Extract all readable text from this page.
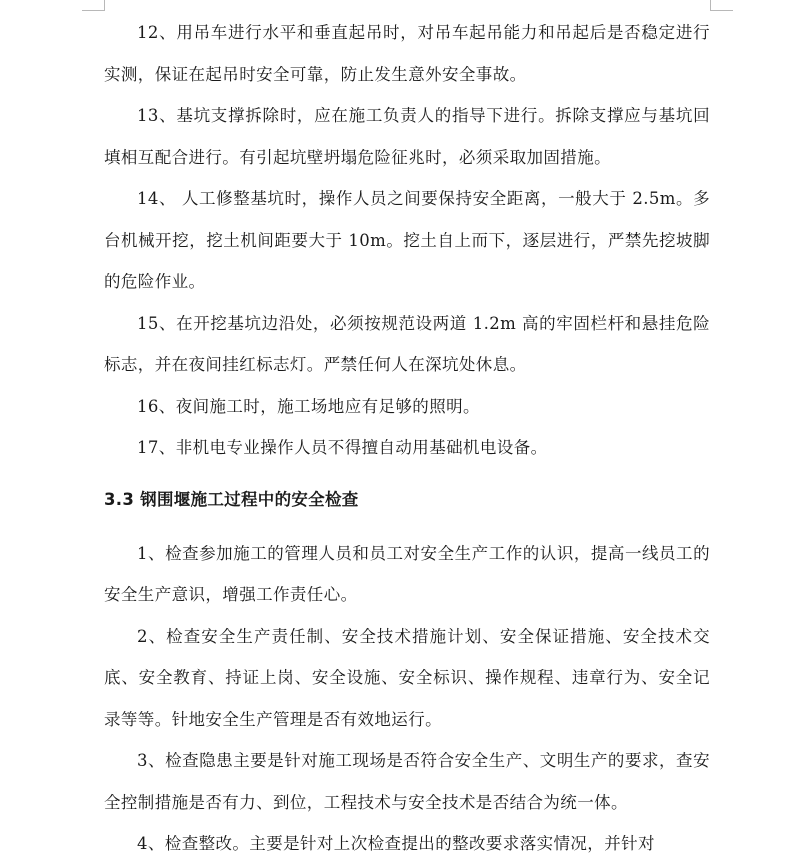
12、用吊车进行水平和垂直起吊时，对吊车起吊能力和吊起后是否稳定进行实测，保证在起吊时安全可靠，防止发生意外安全事故。

13、基坑支撑拆除时，应在施工负责人的指导下进行。拆除支撑应与基坑回填相互配合进行。有引起坑壁坍塌危险征兆时，必须采取加固措施。

14、 人工修整基坑时，操作人员之间要保持安全距离，一般大于 2.5m。多台机械开挖，挖土机间距要大于 10m。挖土自上而下，逐层进行，严禁先挖坡脚的危险作业。

15、在开挖基坑边沿处，必须按规范设两道 1.2m 高的牢固栏杆和悬挂危险标志，并在夜间挂红标志灯。严禁任何人在深坑处休息。

16、夜间施工时，施工场地应有足够的照明。

17、非机电专业操作人员不得擅自动用基础机电设备。

3.3 钢围堰施工过程中的安全检查

1、检查参加施工的管理人员和员工对安全生产工作的认识，提高一线员工的安全生产意识，增强工作责任心。

2、检查安全生产责任制、安全技术措施计划、安全保证措施、安全技术交底、安全教育、持证上岗、安全设施、安全标识、操作规程、违章行为、安全记录等等。针地安全生产管理是否有效地运行。

3、检查隐患主要是针对施工现场是否符合安全生产、文明生产的要求，查安全控制措施是否有力、到位，工程技术与安全技术是否结合为统一体。

4、检查整改。主要是针对上次检查提出的整改要求落实情况，并针对
